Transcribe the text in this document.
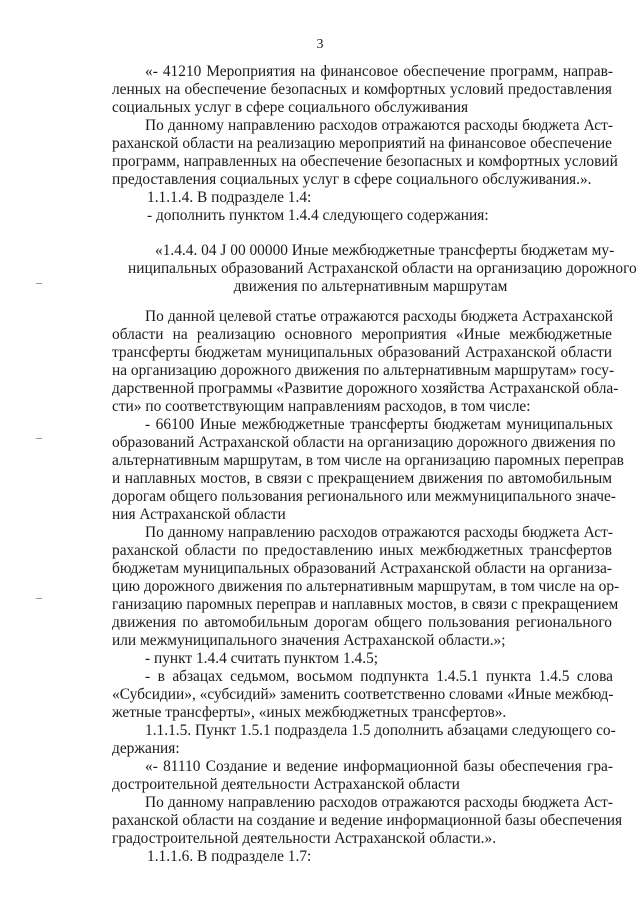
3
«- 41210 Мероприятия на финансовое обеспечение программ, направ-
ленных на обеспечение безопасных и комфортных условий предоставления
социальных услуг в сфере социального обслуживания
По данному направлению расходов отражаются расходы бюджета Аст-
раханской области на реализацию мероприятий на финансовое обеспечение
программ, направленных на обеспечение безопасных и комфортных условий
предоставления социальных услуг в сфере социального обслуживания.».
1.1.1.4. В подразделе 1.4:
- дополнить пунктом 1.4.4 следующего содержания:
«1.4.4. 04 J 00 00000 Иные межбюджетные трансферты бюджетам му-
ниципальных образований Астраханской области на организацию дорожного
движения по альтернативным маршрутам
По данной целевой статье отражаются расходы бюджета Астраханской
области на реализацию основного мероприятия «Иные межбюджетные
трансферты бюджетам муниципальных образований Астраханской области
на организацию дорожного движения по альтернативным маршрутам» госу-
дарственной программы «Развитие дорожного хозяйства Астраханской обла-
сти» по соответствующим направлениям расходов, в том числе:
- 66100 Иные межбюджетные трансферты бюджетам муниципальных
образований Астраханской области на организацию дорожного движения по
альтернативным маршрутам, в том числе на организацию паромных переправ
и наплавных мостов, в связи с прекращением движения по автомобильным
дорогам общего пользования регионального или межмуниципального значе-
ния Астраханской области
По данному направлению расходов отражаются расходы бюджета Аст-
раханской области по предоставлению иных межбюджетных трансфертов
бюджетам муниципальных образований Астраханской области на организа-
цию дорожного движения по альтернативным маршрутам, в том числе на ор-
ганизацию паромных переправ и наплавных мостов, в связи с прекращением
движения по автомобильным дорогам общего пользования регионального
или межмуниципального значения Астраханской области.»;
- пункт 1.4.4 считать пунктом 1.4.5;
- в абзацах седьмом, восьмом подпункта 1.4.5.1 пункта 1.4.5 слова
«Субсидии», «субсидий» заменить соответственно словами «Иные межбюд-
жетные трансферты», «иных межбюджетных трансфертов».
1.1.1.5. Пункт 1.5.1 подраздела 1.5 дополнить абзацами следующего со-
держания:
«- 81110 Создание и ведение информационной базы обеспечения гра-
достроительной деятельности Астраханской области
По данному направлению расходов отражаются расходы бюджета Аст-
раханской области на создание и ведение информационной базы обеспечения
градостроительной деятельности Астраханской области.».
1.1.1.6. В подразделе 1.7:
